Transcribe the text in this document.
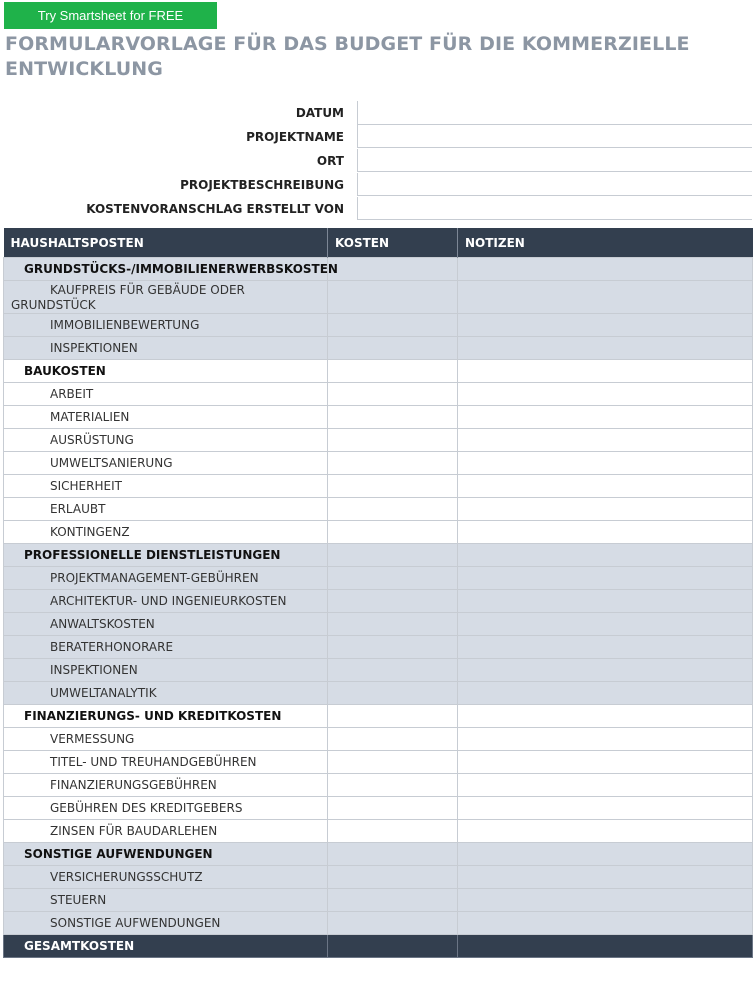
Try Smartsheet for FREE
FORMULARVORLAGE FÜR DAS BUDGET FÜR DIE KOMMERZIELLE ENTWICKLUNG
DATUM
PROJEKTNAME
ORT
PROJEKTBESCHREIBUNG
KOSTENVORANSCHLAG ERSTELLT VON
HAUSHALTSPOSTEN	KOSTEN	NOTIZEN
GRUNDSTÜCKS-/IMMOBILIENERWERBSKOSTEN		
KAUFPREIS FÜR GEBÄUDE ODER
GRUNDSTÜCK		

IMMOBILIENBEWERTUNG		
INSPEKTIONEN		
BAUKOSTEN		
ARBEIT		
MATERIALIEN		
AUSRÜSTUNG		
UMWELTSANIERUNG		
SICHERHEIT		
ERLAUBT		
KONTINGENZ		
PROFESSIONELLE DIENSTLEISTUNGEN		
PROJEKTMANAGEMENT-GEBÜHREN		
ARCHITEKTUR- UND INGENIEURKOSTEN		
ANWALTSKOSTEN		
BERATERHONORARE		
INSPEKTIONEN		
UMWELTANALYTIK		
FINANZIERUNGS- UND KREDITKOSTEN		
VERMESSUNG		
TITEL- UND TREUHANDGEBÜHREN		
FINANZIERUNGSGEBÜHREN		
GEBÜHREN DES KREDITGEBERS		
ZINSEN FÜR BAUDARLEHEN		
SONSTIGE AUFWENDUNGEN		
VERSICHERUNGSSCHUTZ		
STEUERN		
SONSTIGE AUFWENDUNGEN		
GESAMTKOSTEN		
